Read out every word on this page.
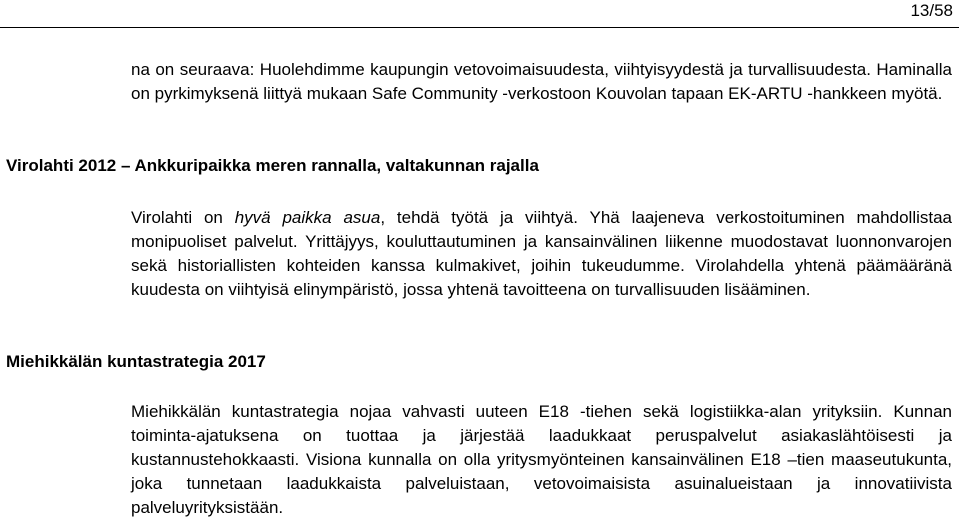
13/58

na on seuraava: Huolehdimme kaupungin vetovoimaisuudesta, viihtyisyydestä ja turvallisuudesta. Haminalla on pyrkimyksenä liittyä mukaan Safe Community -verkostoon Kouvolan tapaan EK-ARTU -hankkeen myötä.

Virolahti 2012 – Ankkuripaikka meren rannalla, valtakunnan rajalla

Virolahti on hyvä paikka asua, tehdä työtä ja viihtyä. Yhä laajeneva verkostoituminen mahdollistaa monipuoliset palvelut. Yrittäjyys, kouluttautuminen ja kansainvälinen liikenne muodostavat luonnonvarojen sekä historiallisten kohteiden kanssa kulmakivet, joihin tukeudumme. Virolahdella yhtenä päämääränä kuudesta on viihtyisä elinympäristö, jossa yhtenä tavoitteena on turvallisuuden lisääminen.

Miehikkälän kuntastrategia 2017

Miehikkälän kuntastrategia nojaa vahvasti uuteen E18 -tiehen sekä logistiikka-alan yrityksiin. Kunnan toiminta-ajatuksena on tuottaa ja järjestää laadukkaat peruspalvelut asiakaslähtöisesti ja kustannustehokkaasti. Visiona kunnalla on olla yritysmyönteinen kansainvälinen E18 –tien maaseutukunta, joka tunnetaan laadukkaista palveluistaan, vetovoimaisista asuinalueistaan ja innovatiivista palveluyrityksistään.
